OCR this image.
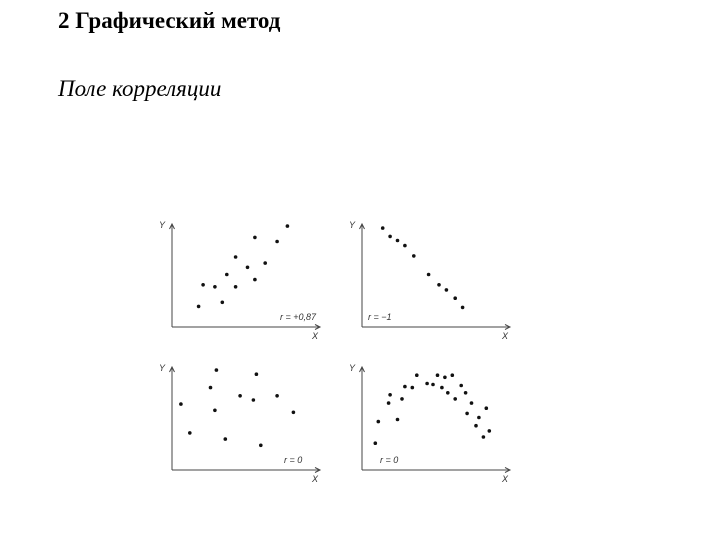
2 Графический метод
Поле корреляции
Y
X
r = +0,87
Y
X
r = −1
Y
X
r = 0
Y
X
r = 0
